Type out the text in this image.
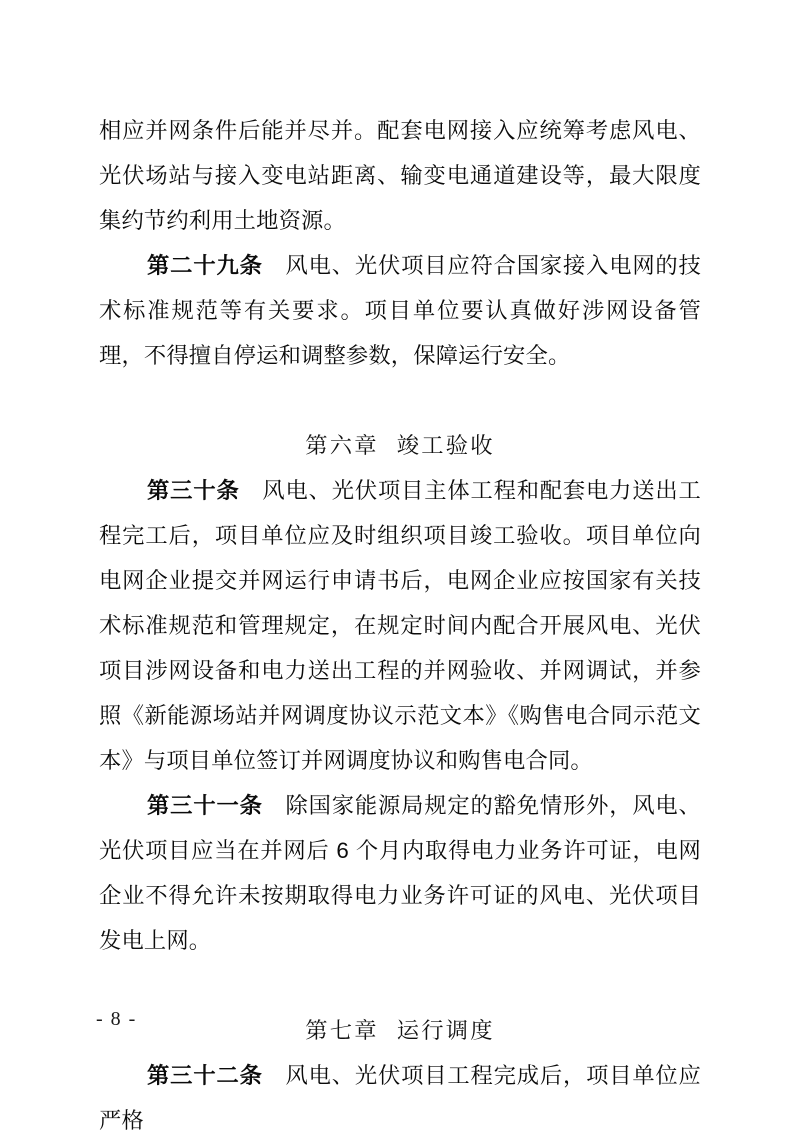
相应并网条件后能并尽并。配套电网接入应统筹考虑风电、光伏场站与接入变电站距离、输变电通道建设等，最大限度集约节约利用土地资源。

第二十九条 风电、光伏项目应符合国家接入电网的技术标准规范等有关要求。项目单位要认真做好涉网设备管理，不得擅自停运和调整参数，保障运行安全。

第六章 竣工验收

第三十条 风电、光伏项目主体工程和配套电力送出工程完工后，项目单位应及时组织项目竣工验收。项目单位向电网企业提交并网运行申请书后，电网企业应按国家有关技术标准规范和管理规定，在规定时间内配合开展风电、光伏项目涉网设备和电力送出工程的并网验收、并网调试，并参照《新能源场站并网调度协议示范文本》《购售电合同示范文本》与项目单位签订并网调度协议和购售电合同。

第三十一条 除国家能源局规定的豁免情形外，风电、光伏项目应当在并网后 6 个月内取得电力业务许可证，电网企业不得允许未按期取得电力业务许可证的风电、光伏项目发电上网。

第七章 运行调度

第三十二条 风电、光伏项目工程完成后，项目单位应严格

- 8 -
